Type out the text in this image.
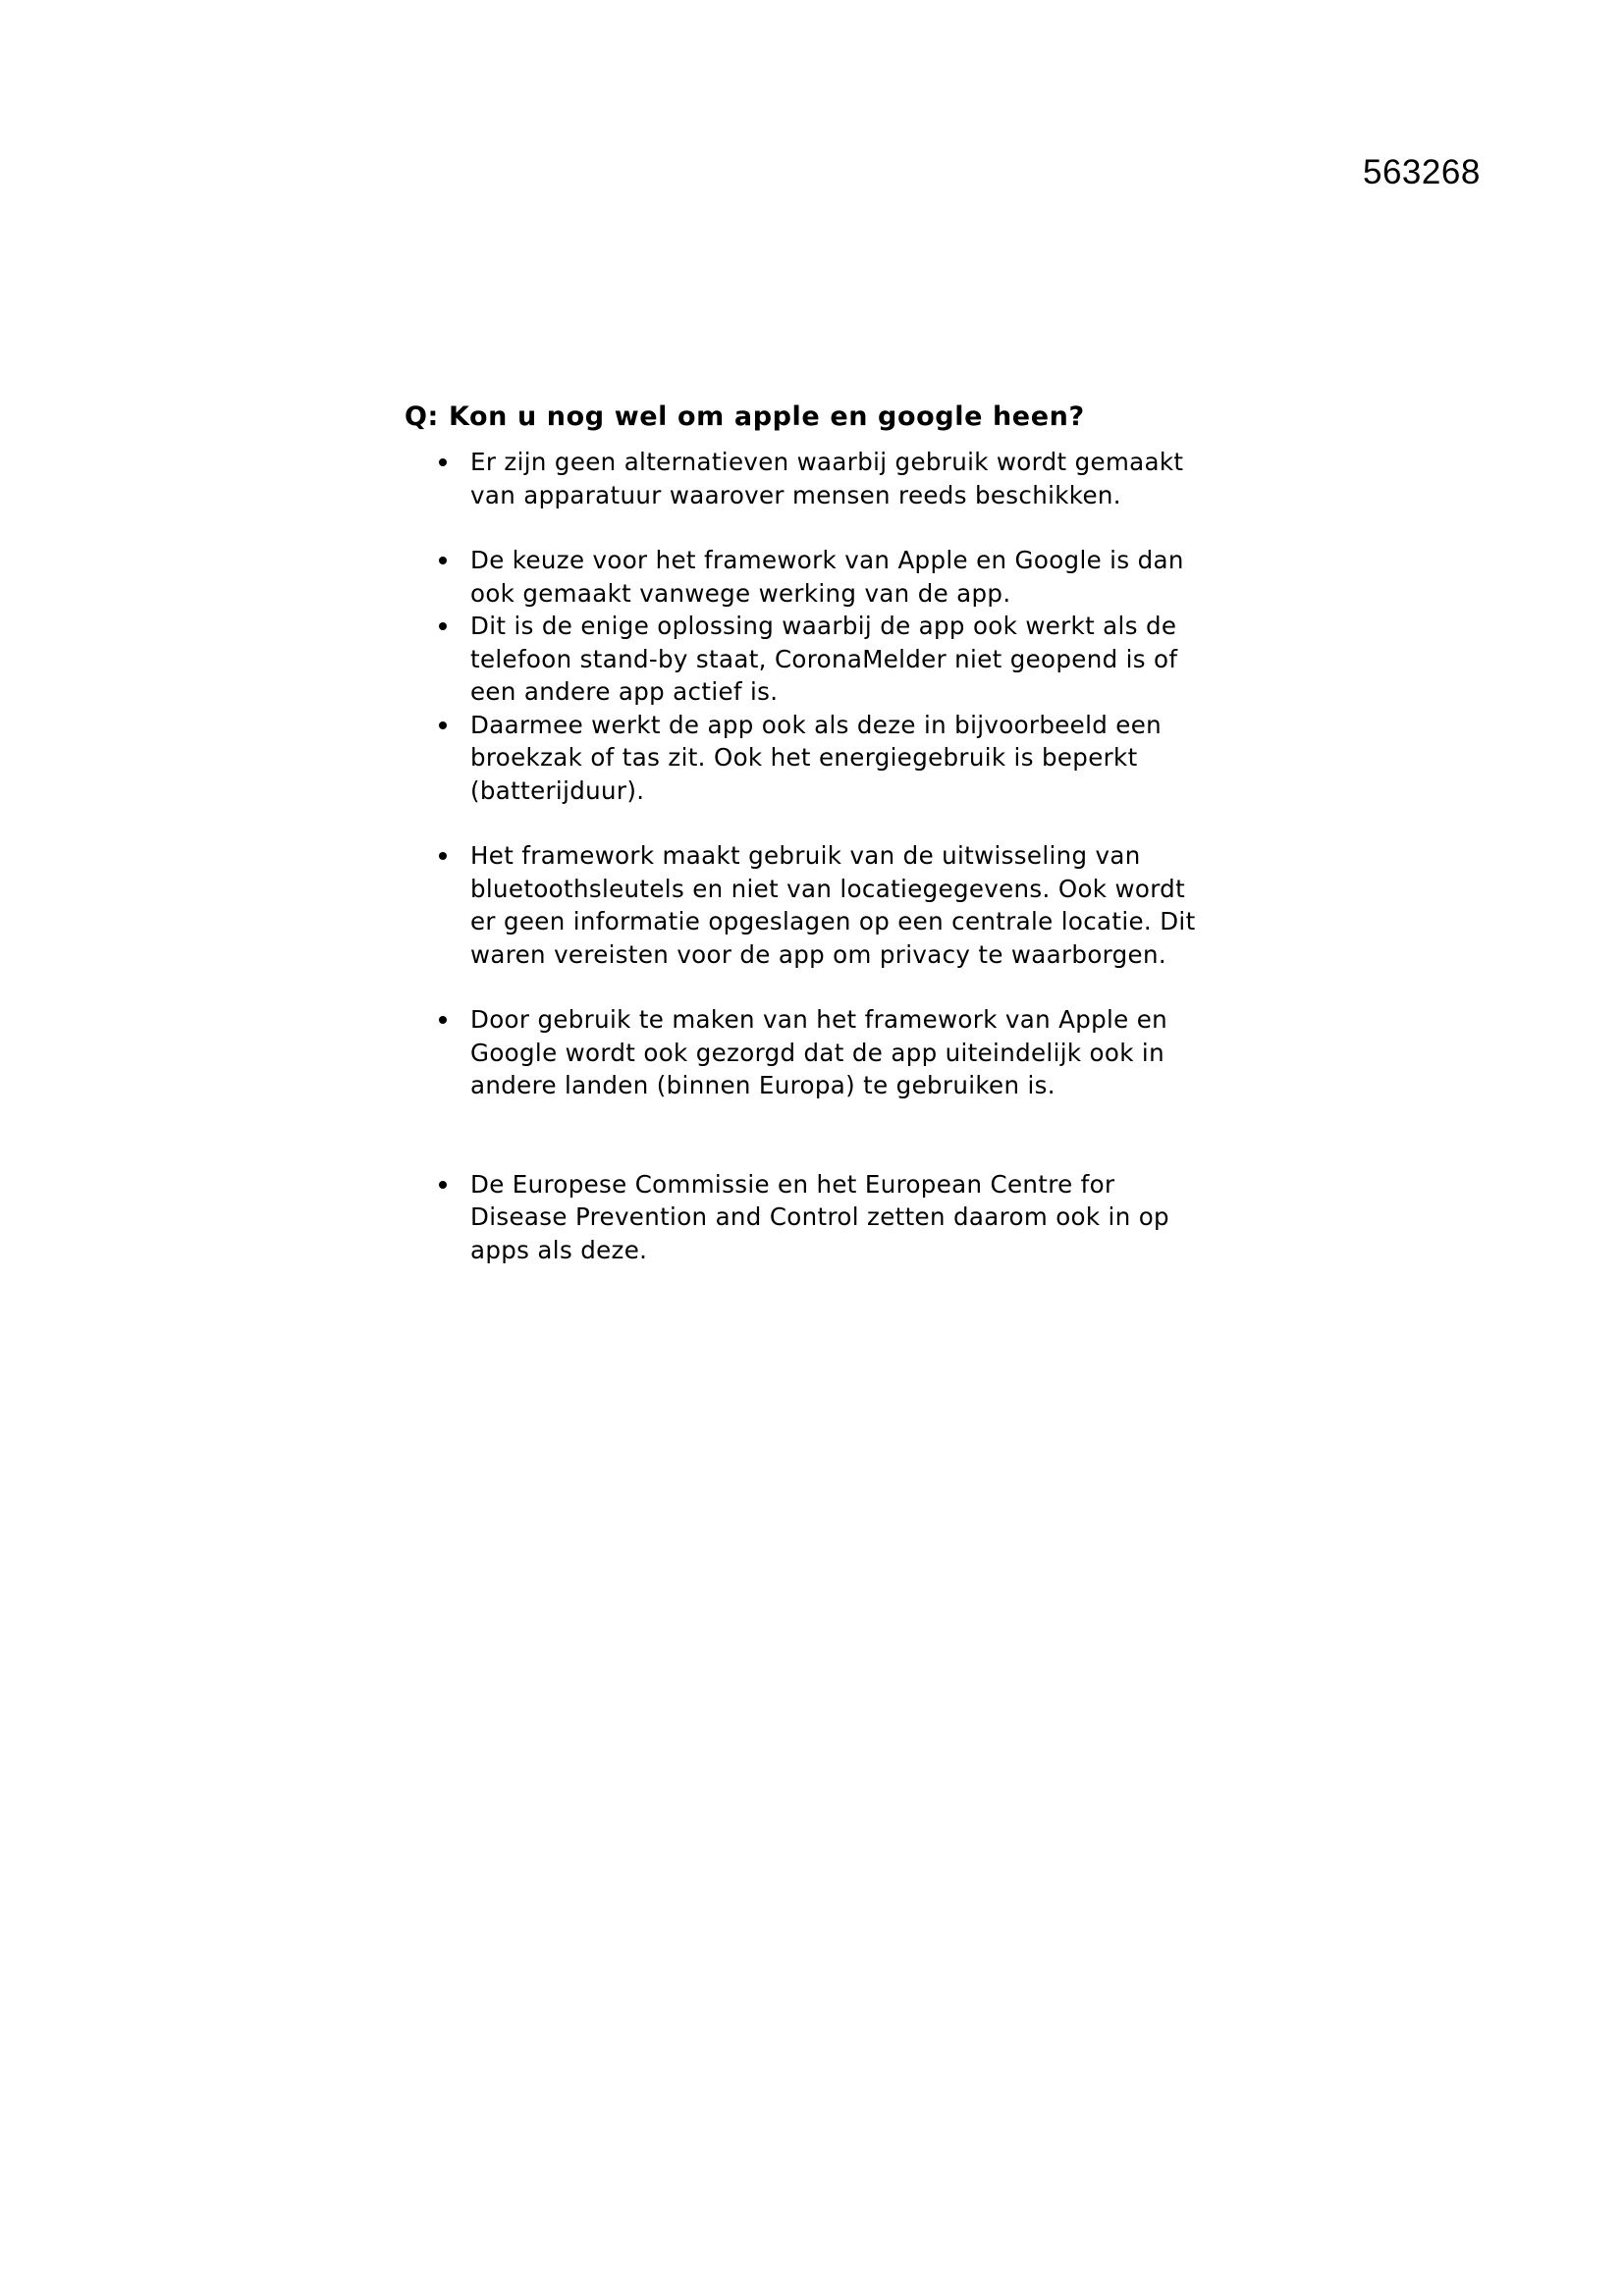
563268
Q: Kon u nog wel om apple en google heen?
Er zijn geen alternatieven waarbij gebruik wordt gemaakt
van apparatuur waarover mensen reeds beschikken.
De keuze voor het framework van Apple en Google is dan
ook gemaakt vanwege werking van de app.
Dit is de enige oplossing waarbij de app ook werkt als de
telefoon stand-by staat, CoronaMelder niet geopend is of
een andere app actief is.
Daarmee werkt de app ook als deze in bijvoorbeeld een
broekzak of tas zit. Ook het energiegebruik is beperkt
(batterijduur).
Het framework maakt gebruik van de uitwisseling van
bluetoothsleutels en niet van locatiegegevens. Ook wordt
er geen informatie opgeslagen op een centrale locatie. Dit
waren vereisten voor de app om privacy te waarborgen.
Door gebruik te maken van het framework van Apple en
Google wordt ook gezorgd dat de app uiteindelijk ook in
andere landen (binnen Europa) te gebruiken is.
De Europese Commissie en het European Centre for
Disease Prevention and Control zetten daarom ook in op
apps als deze.
